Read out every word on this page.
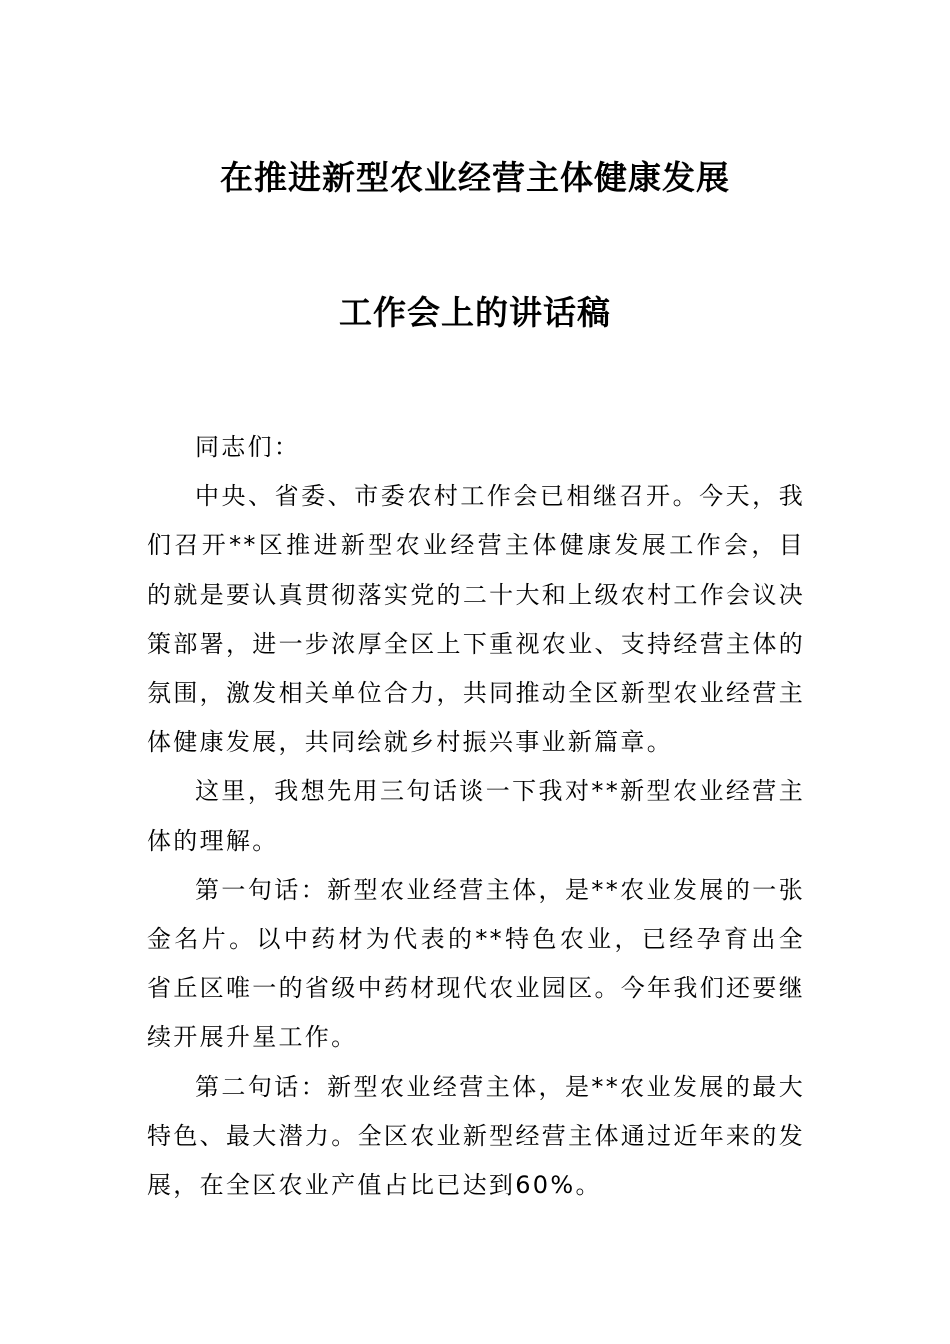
在推进新型农业经营主体健康发展
工作会上的讲话稿

同志们：

中央、省委、市委农村工作会已相继召开。今天，我们召开**区推进新型农业经营主体健康发展工作会，目的就是要认真贯彻落实党的二十大和上级农村工作会议决策部署，进一步浓厚全区上下重视农业、支持经营主体的氛围，激发相关单位合力，共同推动全区新型农业经营主体健康发展，共同绘就乡村振兴事业新篇章。

这里，我想先用三句话谈一下我对**新型农业经营主体的理解。

第一句话：新型农业经营主体，是**农业发展的一张金名片。以中药材为代表的**特色农业，已经孕育出全省丘区唯一的省级中药材现代农业园区。今年我们还要继续开展升星工作。

第二句话：新型农业经营主体，是**农业发展的最大特色、最大潜力。全区农业新型经营主体通过近年来的发展，在全区农业产值占比已达到60%。
